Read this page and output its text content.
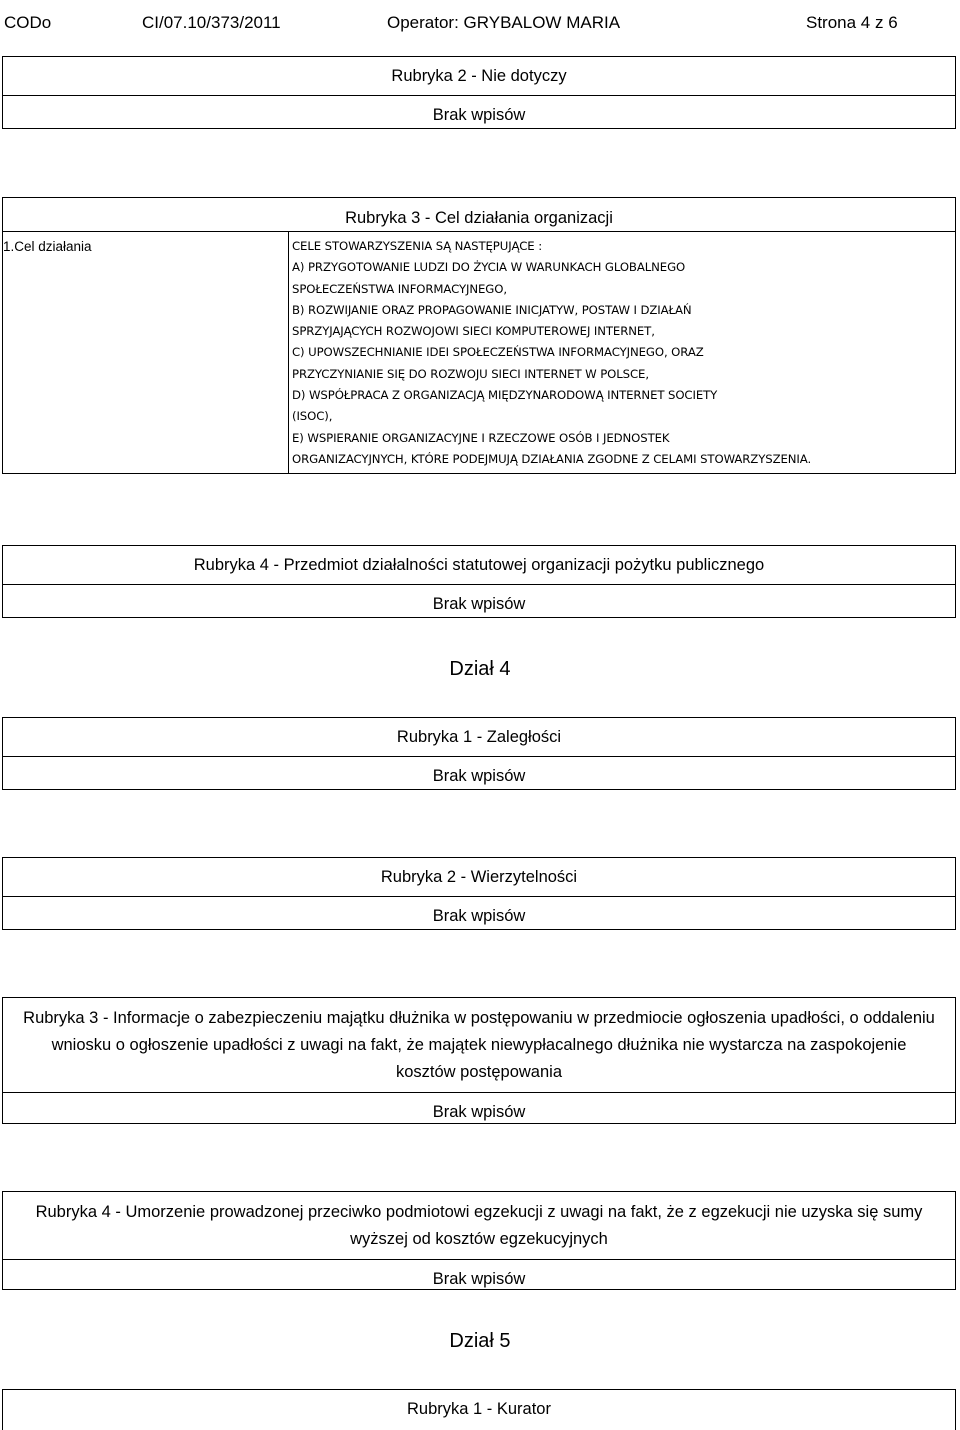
CODo	CI/07.10/373/2011	Operator: GRYBALOW MARIA	Strona 4 z 6
Rubryka 2 - Nie dotyczy
Brak wpisów
Rubryka 3 - Cel działania organizacji
1.Cel działania	CELE STOWARZYSZENIA SĄ NASTĘPUJĄCE :
A) PRZYGOTOWANIE LUDZI DO ŻYCIA W WARUNKACH GLOBALNEGO
SPOŁECZEŃSTWA INFORMACYJNEGO,
B) ROZWIJANIE ORAZ PROPAGOWANIE INICJATYW, POSTAW I DZIAŁAŃ
SPRZYJAJĄCYCH ROZWOJOWI SIECI KOMPUTEROWEJ INTERNET,
C) UPOWSZECHNIANIE IDEI SPOŁECZEŃSTWA INFORMACYJNEGO, ORAZ
PRZYCZYNIANIE SIĘ DO ROZWOJU SIECI INTERNET W POLSCE,
D) WSPÓŁPRACA Z ORGANIZACJĄ MIĘDZYNARODOWĄ INTERNET SOCIETY
(ISOC),
E) WSPIERANIE ORGANIZACYJNE I RZECZOWE OSÓB I JEDNOSTEK
ORGANIZACYJNYCH, KTÓRE PODEJMUJĄ DZIAŁANIA ZGODNE Z CELAMI STOWARZYSZENIA.
Rubryka 4 - Przedmiot działalności statutowej organizacji pożytku publicznego
Brak wpisów
Dział 4
Rubryka 1 - Zaległości
Brak wpisów
Rubryka 2 - Wierzytelności
Brak wpisów
Rubryka 3 - Informacje o zabezpieczeniu majątku dłużnika w postępowaniu w przedmiocie ogłoszenia upadłości, o oddaleniu wniosku o ogłoszenie upadłości z uwagi na fakt, że majątek niewypłacalnego dłużnika nie wystarcza na zaspokojenie kosztów postępowania
Brak wpisów
Rubryka 4 - Umorzenie prowadzonej przeciwko podmiotowi egzekucji z uwagi na fakt, że z egzekucji nie uzyska się sumy wyższej od kosztów egzekucyjnych
Brak wpisów
Dział 5
Rubryka 1 - Kurator
